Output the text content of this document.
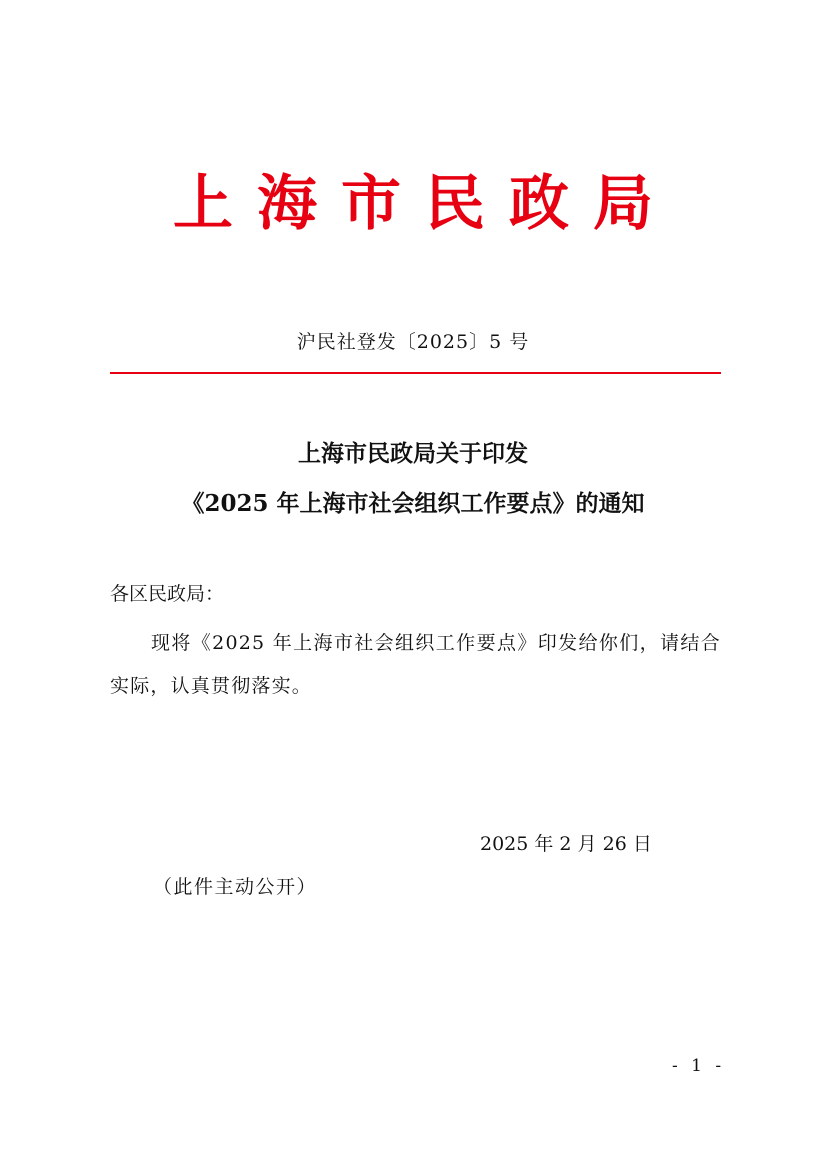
上海市民政局
沪民社登发〔2025〕5 号
上海市民政局关于印发
《2025 年上海市社会组织工作要点》的通知
各区民政局：
现将《2025 年上海市社会组织工作要点》印发给你们，请结合实际，认真贯彻落实。
2025 年 2 月 26 日
（此件主动公开）
- 1 -
